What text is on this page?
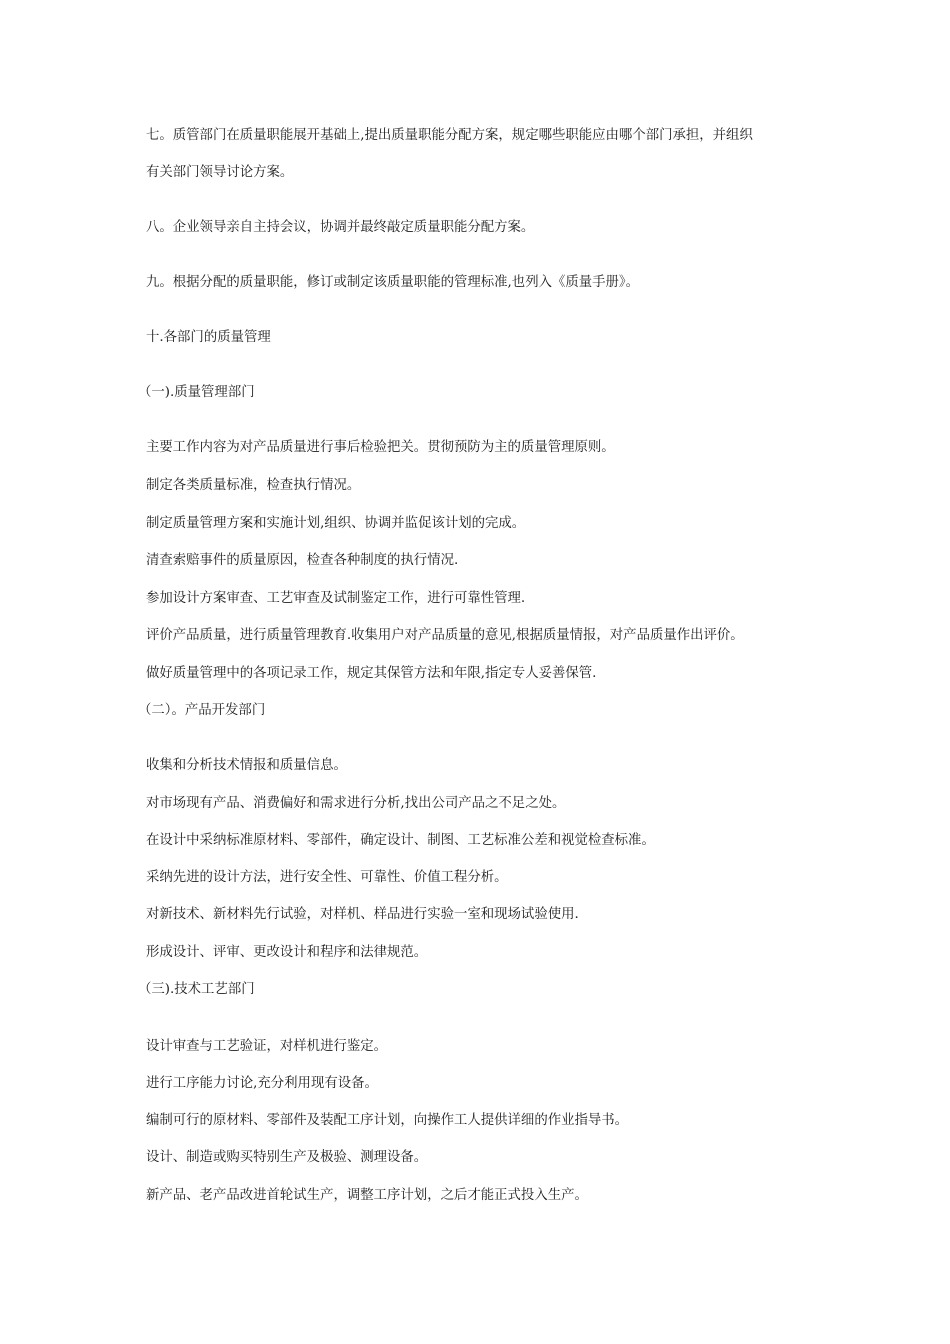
七。质管部门在质量职能展开基础上,提出质量职能分配方案，规定哪些职能应由哪个部门承担，并组织
有关部门领导讨论方案。
八。企业领导亲自主持会议，协调并最终敲定质量职能分配方案。
九。根据分配的质量职能，修订或制定该质量职能的管理标准,也列入《质量手册》。
十.各部门的质量管理
（一).质量管理部门
主要工作内容为对产品质量进行事后检验把关。贯彻预防为主的质量管理原则。
制定各类质量标准，检查执行情况。
制定质量管理方案和实施计划,组织、协调并监促该计划的完成。
清查索赔事件的质量原因，检查各种制度的执行情况.
参加设计方案审查、工艺审查及试制鉴定工作，进行可靠性管理.
评价产品质量，进行质量管理教育.收集用户对产品质量的意见,根据质量情报，对产品质量作出评价。
做好质量管理中的各项记录工作，规定其保管方法和年限,指定专人妥善保管.
（二）。产品开发部门
收集和分析技术情报和质量信息。
对市场现有产品、消费偏好和需求进行分析,找出公司产品之不足之处。
在设计中采纳标准原材料、零部件，确定设计、制图、工艺标准公差和视觉检查标准。
采纳先进的设计方法，进行安全性、可靠性、价值工程分析。
对新技术、新材料先行试验，对样机、样品进行实验一室和现场试验使用.
形成设计、评审、更改设计和程序和法律规范。
（三).技术工艺部门
设计审查与工艺验证，对样机进行鉴定。
进行工序能力讨论,充分利用现有设备。
编制可行的原材料、零部件及装配工序计划，向操作工人提供详细的作业指导书。
设计、制造或购买特别生产及极验、测理设备。
新产品、老产品改进首轮试生产，调整工序计划，之后才能正式投入生产。
